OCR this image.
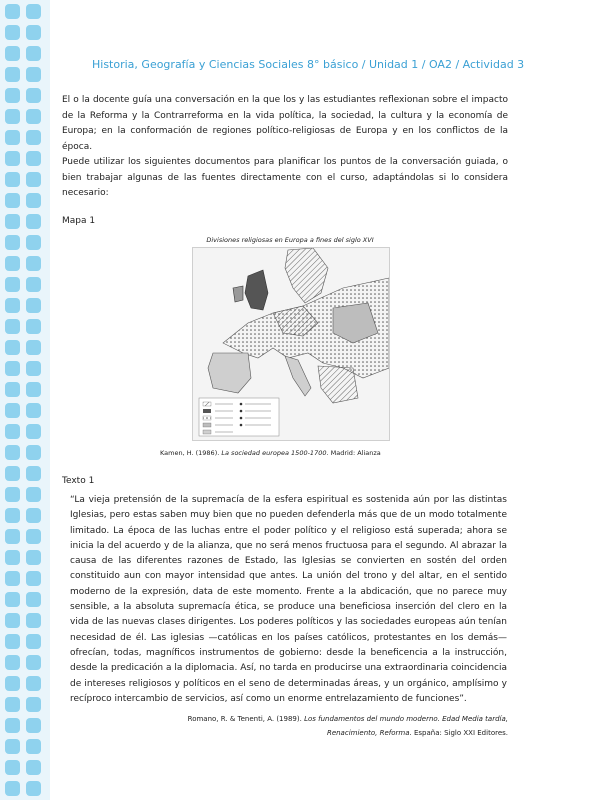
Historia, Geografía y Ciencias Sociales 8° básico / Unidad 1 / OA2 / Actividad 3
El o la docente guía una conversación en la que los y las estudiantes reflexionan sobre el impacto de la Reforma y la Contrarreforma en la vida política, la sociedad, la cultura y la economía de Europa; en la conformación de regiones político-religiosas de Europa y en los conflictos de la época.
Puede utilizar los siguientes documentos para planificar los puntos de la conversación guiada, o bien trabajar algunas de las fuentes directamente con el curso, adaptándolas si lo considera necesario:
Mapa 1
Divisiones religiosas en Europa a fines del siglo XVI
Kamen, H. (1986). La sociedad europea 1500-1700. Madrid: Alianza
Texto 1
“La vieja pretensión de la supremacía de la esfera espiritual es sostenida aún por las distintas Iglesias, pero estas saben muy bien que no pueden defenderla más que de un modo totalmente limitado. La época de las luchas entre el poder político y el religioso está superada; ahora se inicia la del acuerdo y de la alianza, que no será menos fructuosa para el segundo. Al abrazar la causa de las diferentes razones de Estado, las Iglesias se convierten en sostén del orden constituido aun con mayor intensidad que antes. La unión del trono y del altar, en el sentido moderno de la expresión, data de este momento. Frente a la abdicación, que no parece muy sensible, a la absoluta supremacía ética, se produce una beneficiosa inserción del clero en la vida de las nuevas clases dirigentes. Los poderes políticos y las sociedades europeas aún tenían necesidad de él. Las iglesias —católicas en los países católicos, protestantes en los demás— ofrecían, todas, magníficos instrumentos de gobierno: desde la beneficencia a la instrucción, desde la predicación a la diplomacia. Así, no tarda en producirse una extraordinaria coincidencia de intereses religiosos y políticos en el seno de determinadas áreas, y un orgánico, amplísimo y recíproco intercambio de servicios, así como un enorme entrelazamiento de funciones”.
Romano, R. & Tenenti, A. (1989). Los fundamentos del mundo moderno. Edad Media tardía, Renacimiento, Reforma. España: Siglo XXI Editores.
